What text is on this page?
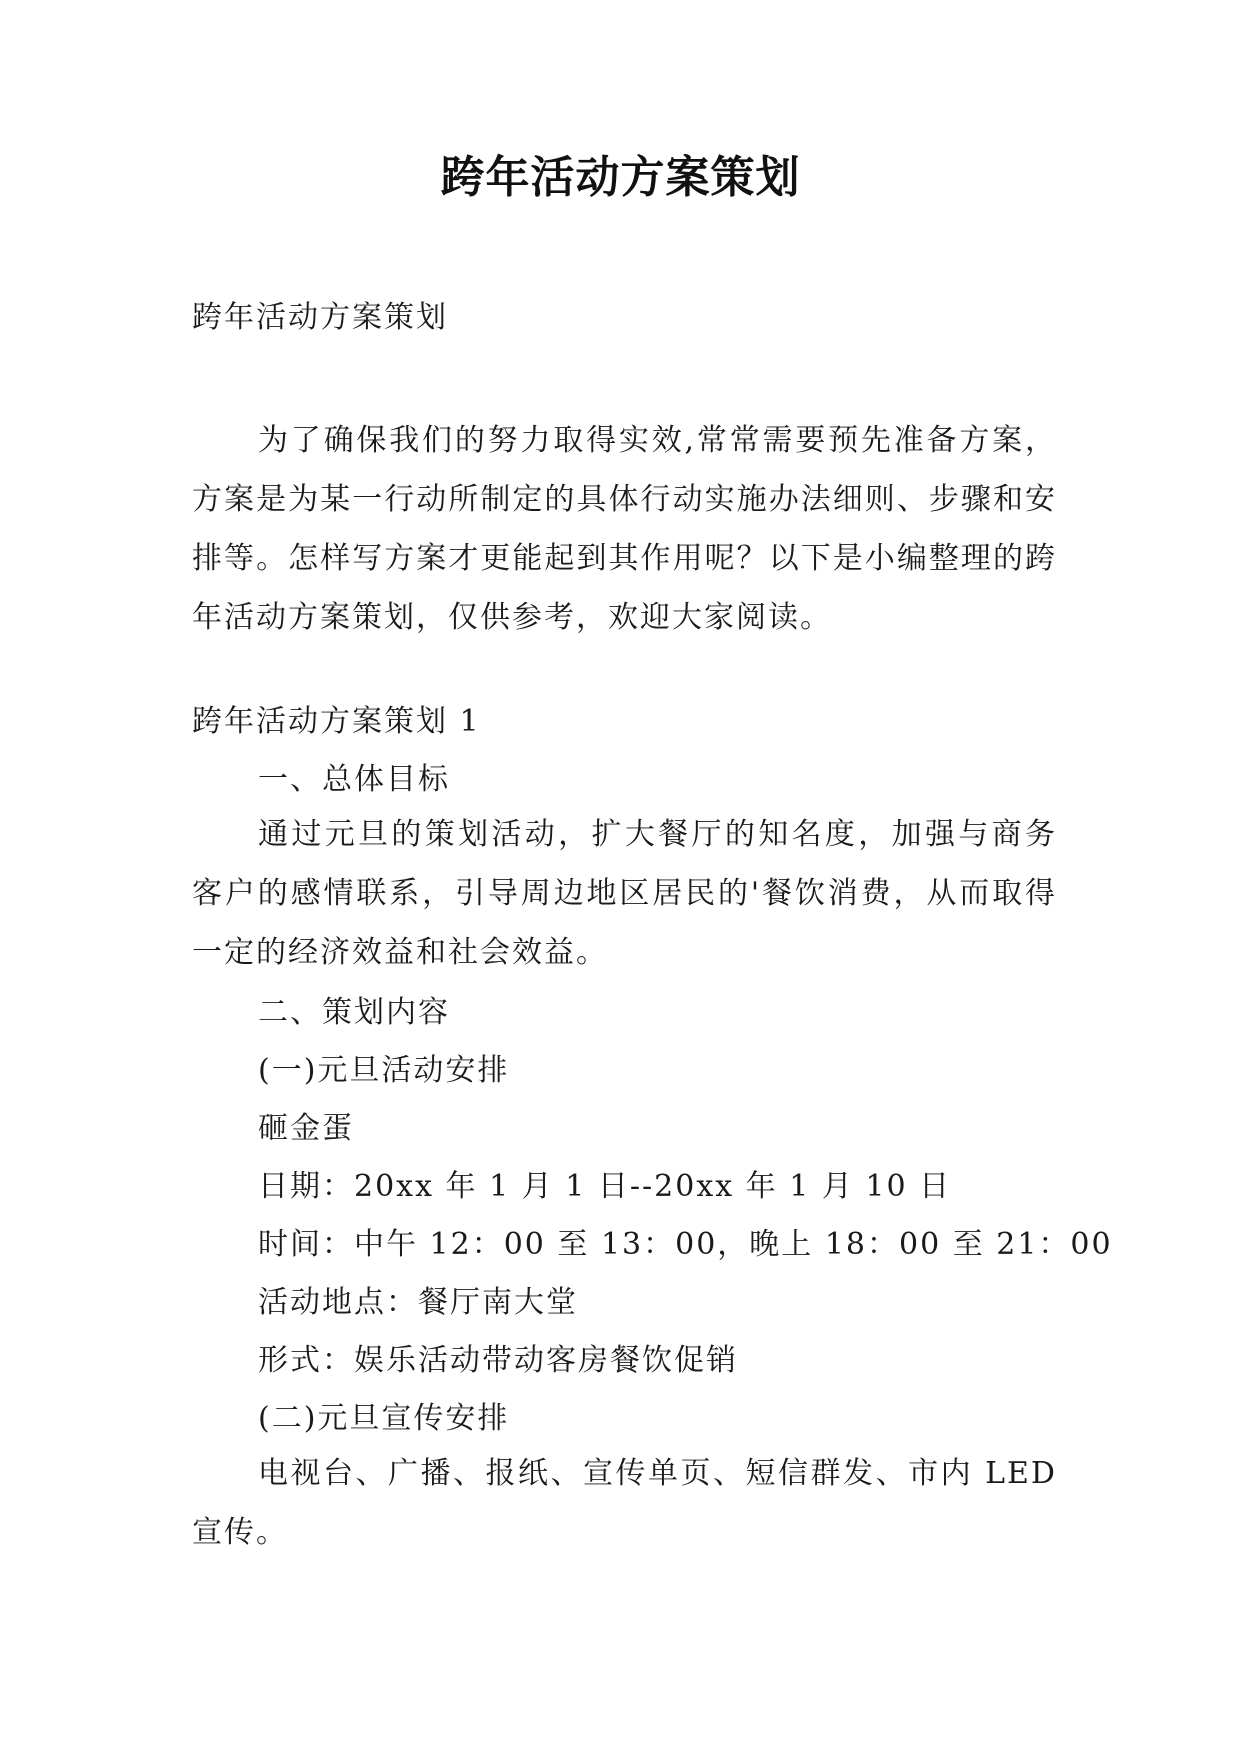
跨年活动方案策划
跨年活动方案策划

为了确保我们的努力取得实效,常常需要预先准备方案，方案是为某一行动所制定的具体行动实施办法细则、步骤和安排等。怎样写方案才更能起到其作用呢？以下是小编整理的跨年活动方案策划，仅供参考，欢迎大家阅读。

跨年活动方案策划 1
一、总体目标

通过元旦的策划活动，扩大餐厅的知名度，加强与商务客户的感情联系，引导周边地区居民的'餐饮消费，从而取得一定的经济效益和社会效益。

二、策划内容
(一)元旦活动安排
砸金蛋
日期：20xx 年 1 月 1 日--20xx 年 1 月 10 日
时间：中午 12：00 至 13：00，晚上 18：00 至 21：00
活动地点：餐厅南大堂
形式：娱乐活动带动客房餐饮促销
(二)元旦宣传安排

电视台、广播、报纸、宣传单页、短信群发、市内 LED 宣传。
